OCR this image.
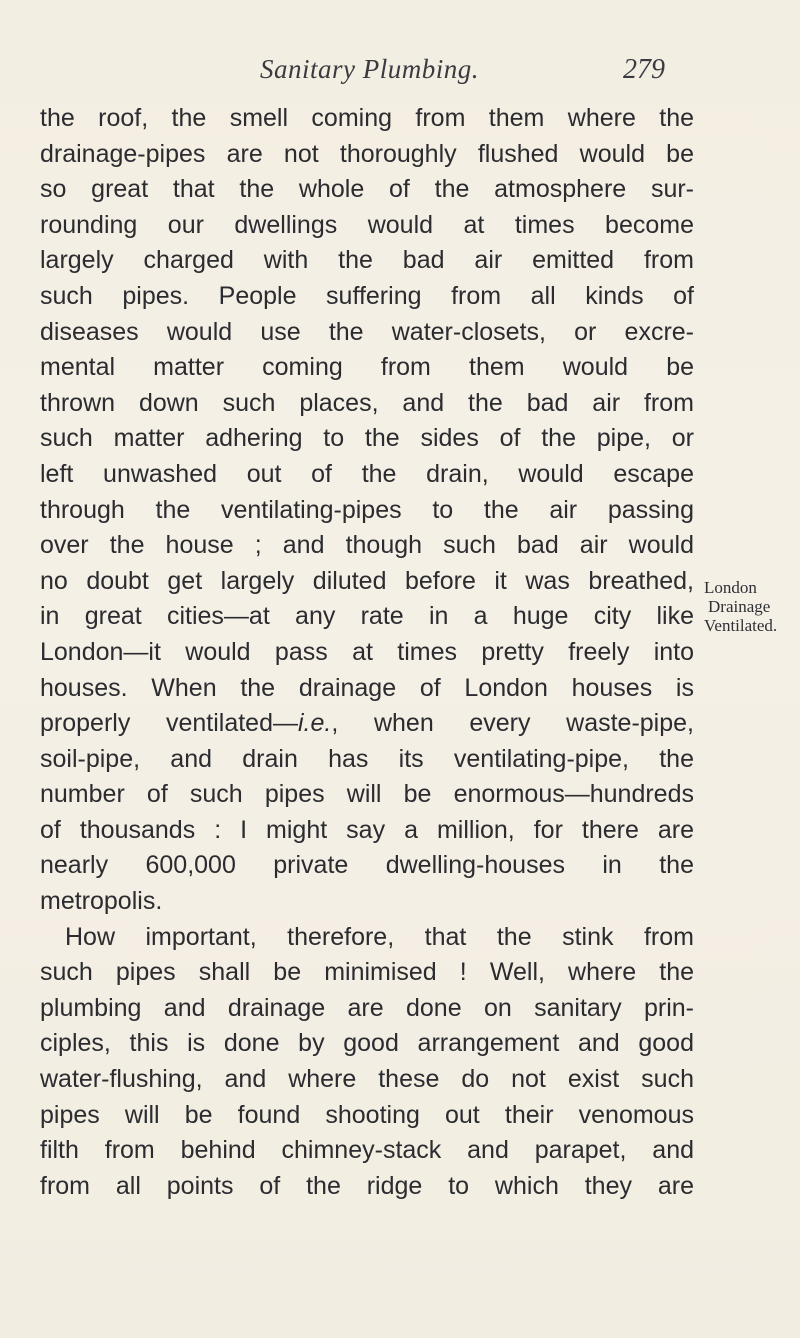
Sanitary Plumbing.	279
the roof, the smell coming from them where the
drainage-pipes are not thoroughly flushed would be
so great that the whole of the atmosphere sur-
rounding our dwellings would at times become
largely charged with the bad air emitted from
such pipes. People suffering from all kinds of
diseases would use the water-closets, or excre-
mental matter coming from them would be
thrown down such places, and the bad air from
such matter adhering to the sides of the pipe, or
left unwashed out of the drain, would escape
through the ventilating-pipes to the air passing
over the house ; and though such bad air would
no doubt get largely diluted before it was breathed,
in great cities—at any rate in a huge city like
London—it would pass at times pretty freely into
houses. When the drainage of London houses is
properly ventilated—i.e., when every waste-pipe,
soil-pipe, and drain has its ventilating-pipe, the
number of such pipes will be enormous—hundreds
of thousands : I might say a million, for there are
nearly 600,000 private dwelling-houses in the
metropolis.
How important, therefore, that the stink from
such pipes shall be minimised ! Well, where the
plumbing and drainage are done on sanitary prin-
ciples, this is done by good arrangement and good
water-flushing, and where these do not exist such
pipes will be found shooting out their venomous
filth from behind chimney-stack and parapet, and
from all points of the ridge to which they are
London
Drainage
Ventilated.
